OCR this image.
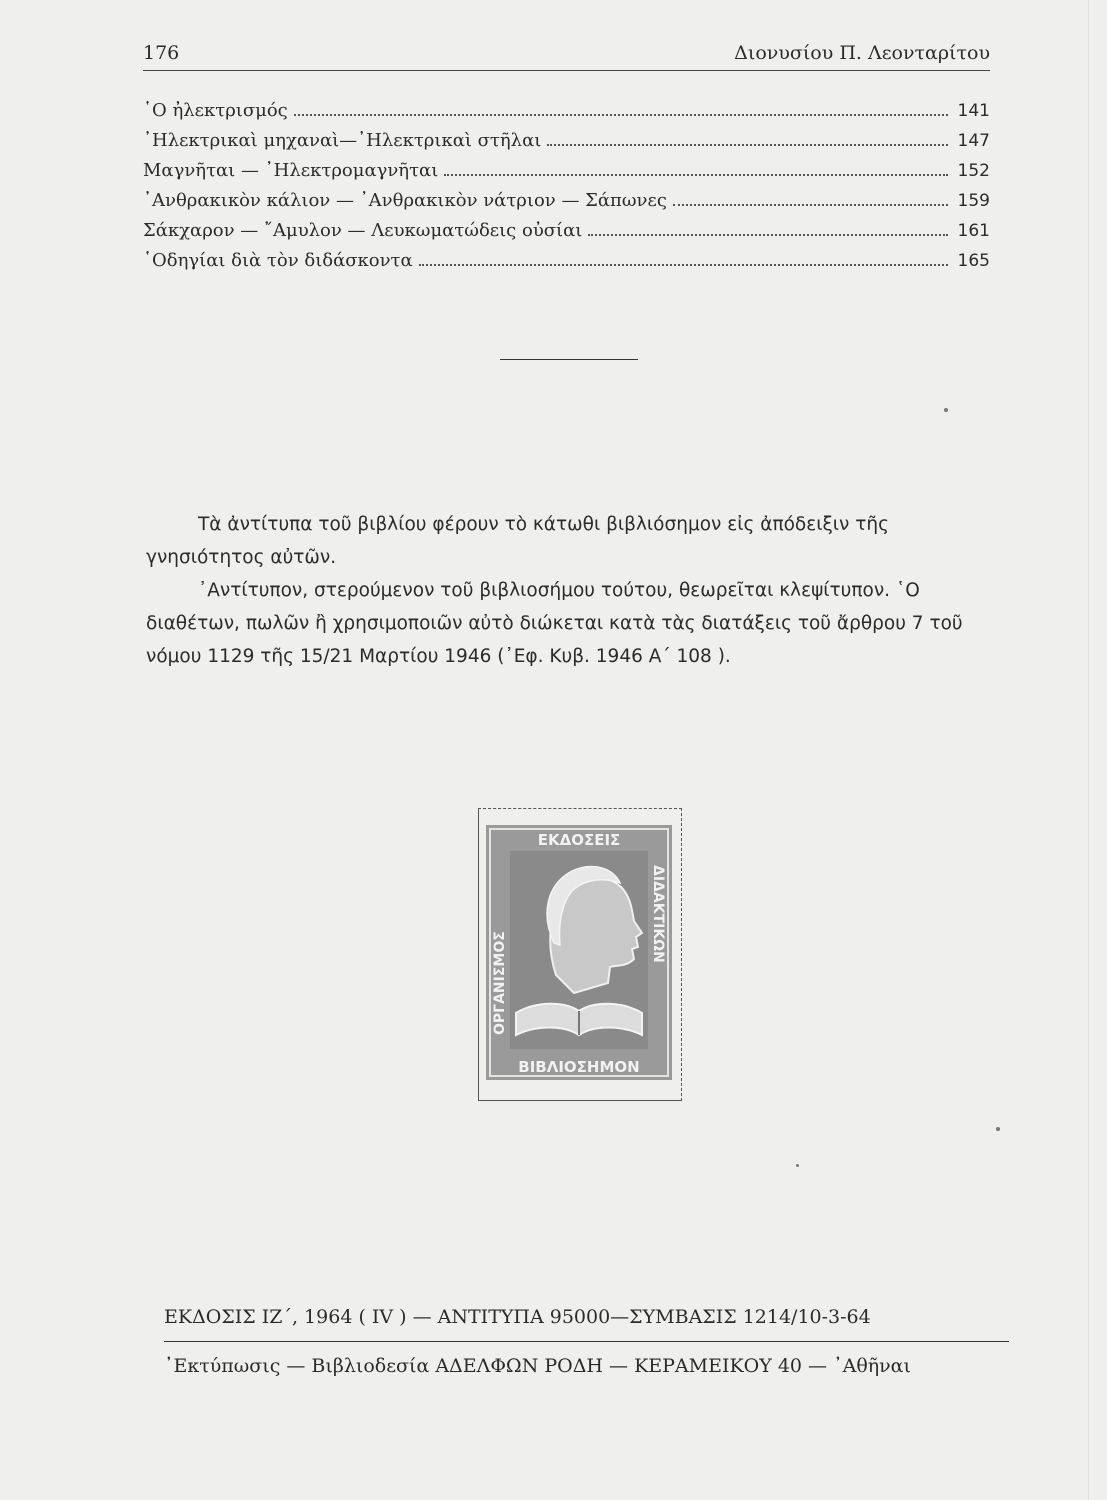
176	Διονυσίου Π. Λεονταρίτου
῾Ο ἠλεκτρισμός	141
᾽Ηλεκτρικαὶ μηχαναὶ—᾽Ηλεκτρικαὶ στῆλαι	147
Μαγνῆται — ᾽Ηλεκτρομαγνῆται	152
᾽Ανθρακικὸν κάλιον — ᾽Ανθρακικὸν νάτριον — Σάπωνες	159
Σάκχαρον — ῎Αμυλον — Λευκωματώδεις οὐσίαι	161
῾Οδηγίαι διὰ τὸν διδάσκοντα	165

Τὰ ἀντίτυπα τοῦ βιβλίου φέρουν τὸ κάτωθι βιβλιόσημον εἰς ἀπόδειξιν τῆς γνησιότητος αὐτῶν.

᾽Αντίτυπον, στερούμενον τοῦ βιβλιοσήμου τούτου, θεωρεῖται κλεψίτυπον. ῾Ο διαθέτων, πωλῶν ἢ χρησιμοποιῶν αὐτὸ διώκεται κατὰ τὰς διατάξεις τοῦ ἄρθρου 7 τοῦ νόμου 1129 τῆς 15/21 Μαρτίου 1946 (᾽Εφ. Κυβ. 1946 Α΄ 108 ).

ΕΚΔΟΣΕΙΣ
ΒΙΒΛΙΟΣΗΜΟΝ
ΟΡΓΑΝΙΣΜΟΣ
ΔΙΔΑΚΤΙΚΩΝ
ΕΚΔΟΣΙΣ ΙΖ΄, 1964 ( IV ) — ΑΝΤΙΤΥΠΑ 95000—ΣΥΜΒΑΣΙΣ 1214/10-3-64
᾽Εκτύπωσις — Βιβλιοδεσία ΑΔΕΛΦΩΝ ΡΟΔΗ — ΚΕΡΑΜΕΙΚΟΥ 40 — ᾽Αθῆναι
